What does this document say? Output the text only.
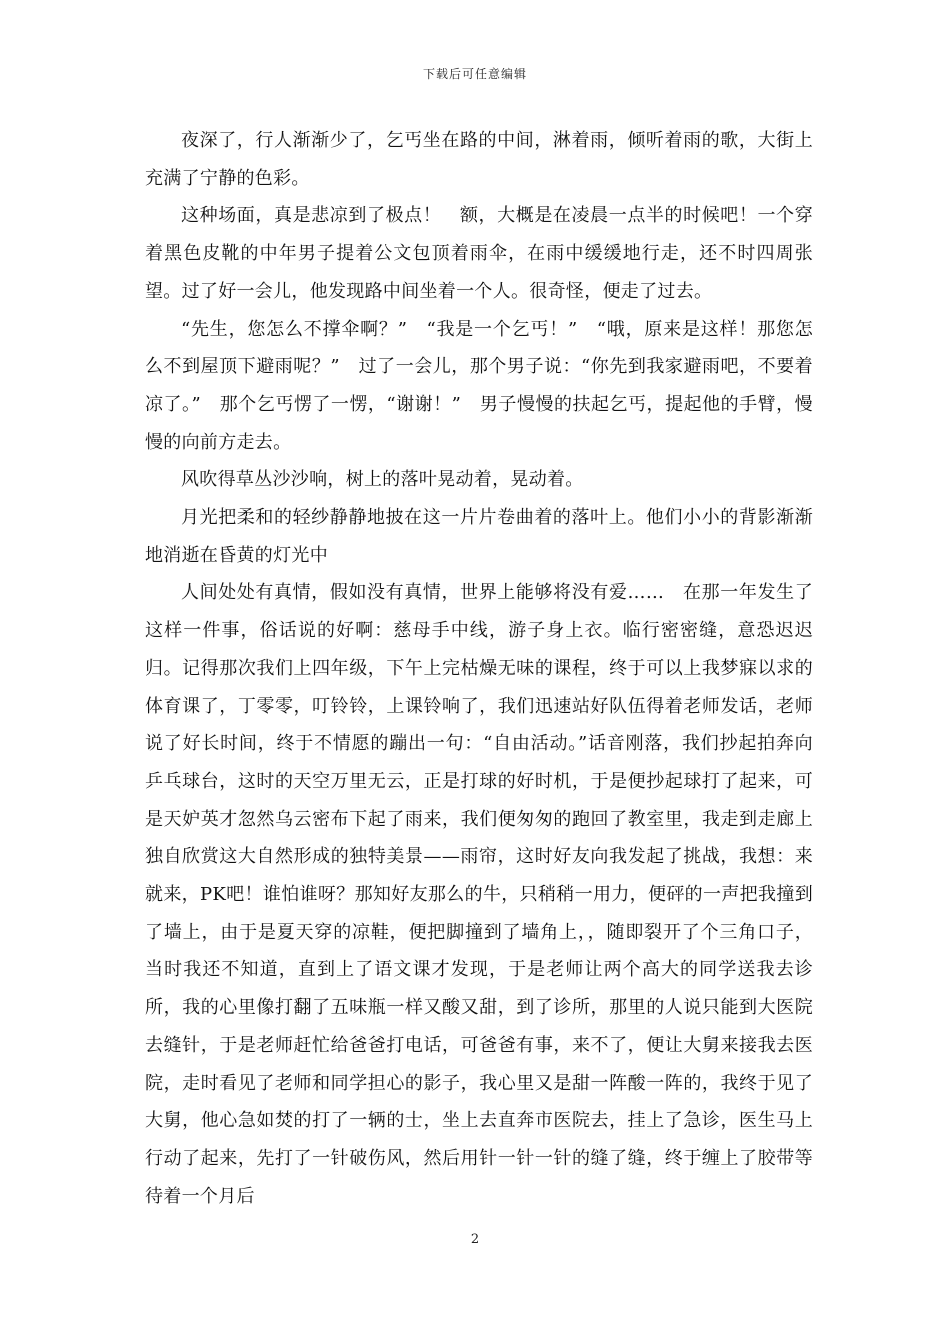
下载后可任意编辑

夜深了，行人渐渐少了，乞丐坐在路的中间，淋着雨，倾听着雨的歌，大街上充满了宁静的色彩。

这种场面，真是悲凉到了极点！　额，大概是在凌晨一点半的时候吧！一个穿着黑色皮靴的中年男子提着公文包顶着雨伞，在雨中缓缓地行走，还不时四周张望。过了好一会儿，他发现路中间坐着一个人。很奇怪，便走了过去。

“先生，您怎么不撑伞啊？”　“我是一个乞丐！”　“哦，原来是这样！那您怎么不到屋顶下避雨呢？”　过了一会儿，那个男子说：“你先到我家避雨吧，不要着凉了。”　那个乞丐愣了一愣，“谢谢！”　男子慢慢的扶起乞丐，提起他的手臂，慢慢的向前方走去。

风吹得草丛沙沙响，树上的落叶晃动着，晃动着。

月光把柔和的轻纱静静地披在这一片片卷曲着的落叶上。他们小小的背影渐渐地消逝在昏黄的灯光中

人间处处有真情，假如没有真情，世界上能够将没有爱……　在那一年发生了这样一件事，俗话说的好啊：慈母手中线，游子身上衣。临行密密缝，意恐迟迟归。记得那次我们上四年级，下午上完枯燥无味的课程，终于可以上我梦寐以求的体育课了，丁零零，叮铃铃，上课铃响了，我们迅速站好队伍得着老师发话，老师说了好长时间，终于不情愿的蹦出一句：“自由活动。”话音刚落，我们抄起拍奔向乒乓球台，这时的天空万里无云，正是打球的好时机，于是便抄起球打了起来，可是天妒英才忽然乌云密布下起了雨来，我们便匆匆的跑回了教室里，我走到走廊上独自欣赏这大自然形成的独特美景——雨帘，这时好友向我发起了挑战，我想：来就来，PK吧！谁怕谁呀？那知好友那么的牛，只稍稍一用力，便砰的一声把我撞到了墙上，由于是夏天穿的凉鞋，便把脚撞到了墙角上，，随即裂开了个三角口子，当时我还不知道，直到上了语文课才发现，于是老师让两个高大的同学送我去诊所，我的心里像打翻了五味瓶一样又酸又甜，到了诊所，那里的人说只能到大医院去缝针，于是老师赶忙给爸爸打电话，可爸爸有事，来不了，便让大舅来接我去医院，走时看见了老师和同学担心的影子，我心里又是甜一阵酸一阵的，我终于见了大舅，他心急如焚的打了一辆的士，坐上去直奔市医院去，挂上了急诊，医生马上行动了起来，先打了一针破伤风，然后用针一针一针的缝了缝，终于缠上了胶带等待着一个月后

2
